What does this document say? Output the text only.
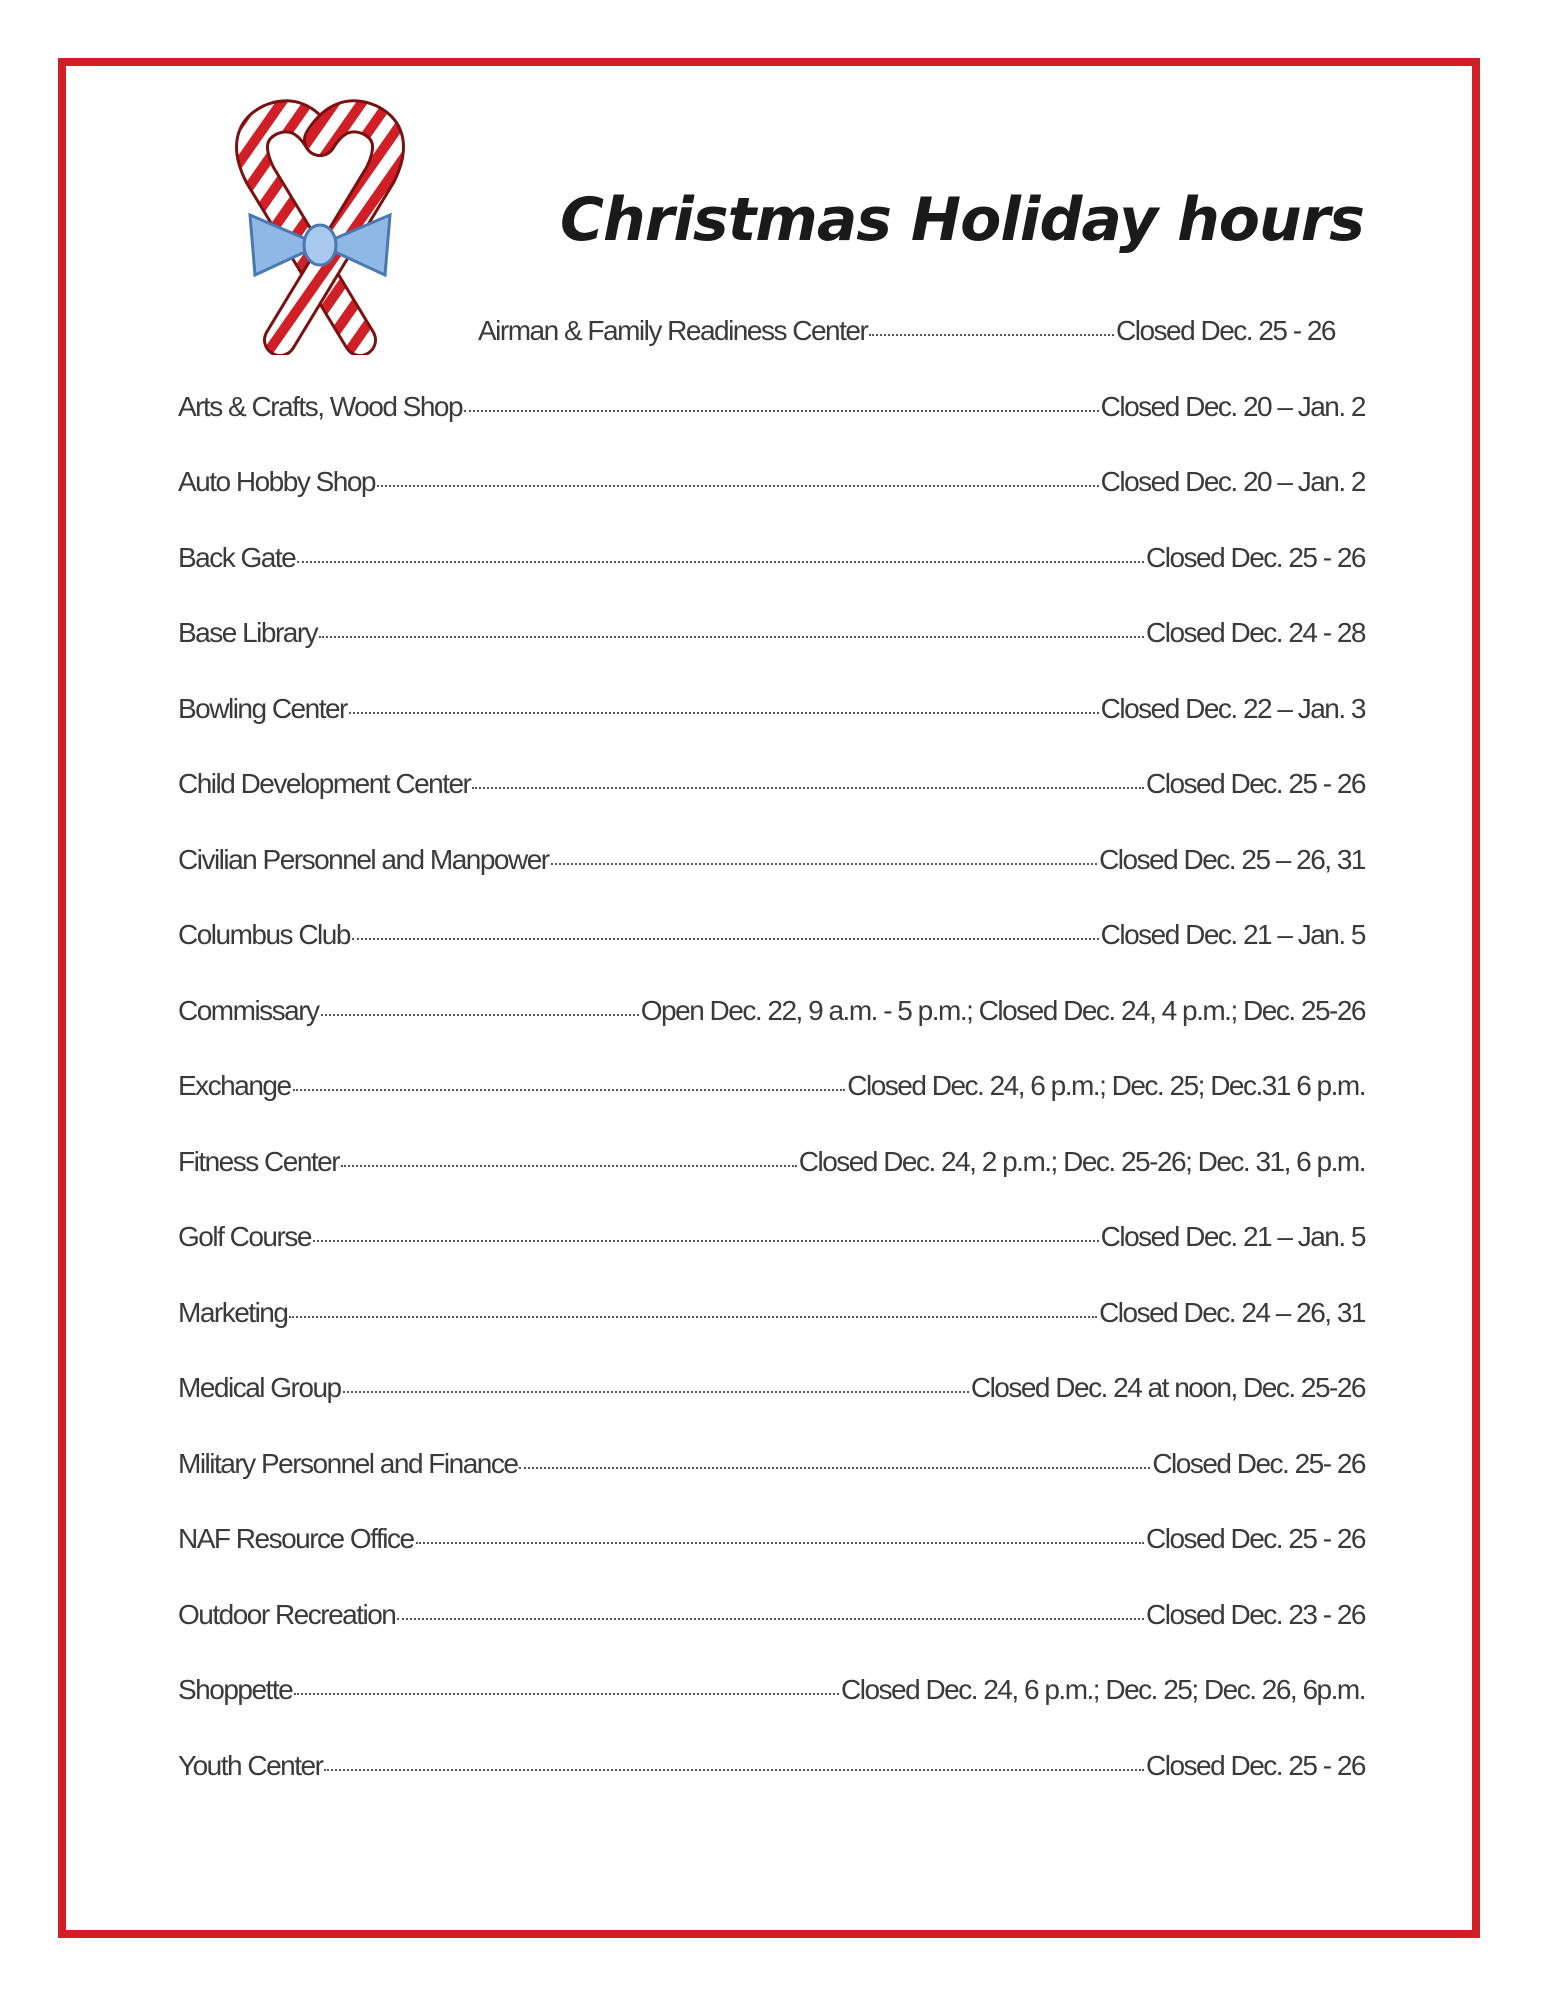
Christmas Holiday hours
Airman & Family Readiness Center	Closed Dec. 25 - 26
Arts & Crafts, Wood Shop	Closed Dec. 20 – Jan. 2
Auto Hobby Shop	Closed Dec. 20 – Jan. 2
Back Gate	Closed Dec. 25 - 26
Base Library	Closed Dec. 24 - 28
Bowling Center	Closed Dec. 22 – Jan. 3
Child Development Center	Closed Dec. 25 - 26
Civilian Personnel and Manpower	Closed Dec. 25 – 26, 31
Columbus Club	Closed Dec. 21 – Jan. 5
Commissary	Open Dec. 22, 9 a.m. - 5 p.m.; Closed Dec. 24, 4 p.m.; Dec. 25-26
Exchange	Closed Dec. 24, 6 p.m.; Dec. 25; Dec.31 6 p.m.
Fitness Center	Closed Dec. 24, 2 p.m.; Dec. 25-26; Dec. 31, 6 p.m.
Golf Course	Closed Dec. 21 – Jan. 5
Marketing	Closed Dec. 24 – 26, 31
Medical Group	Closed Dec. 24 at noon, Dec. 25-26
Military Personnel and Finance	Closed Dec. 25- 26
NAF Resource Office	Closed Dec. 25 - 26
Outdoor Recreation	Closed Dec. 23 - 26
Shoppette	Closed Dec. 24, 6 p.m.; Dec. 25; Dec. 26, 6p.m.
Youth Center	Closed Dec. 25 - 26
